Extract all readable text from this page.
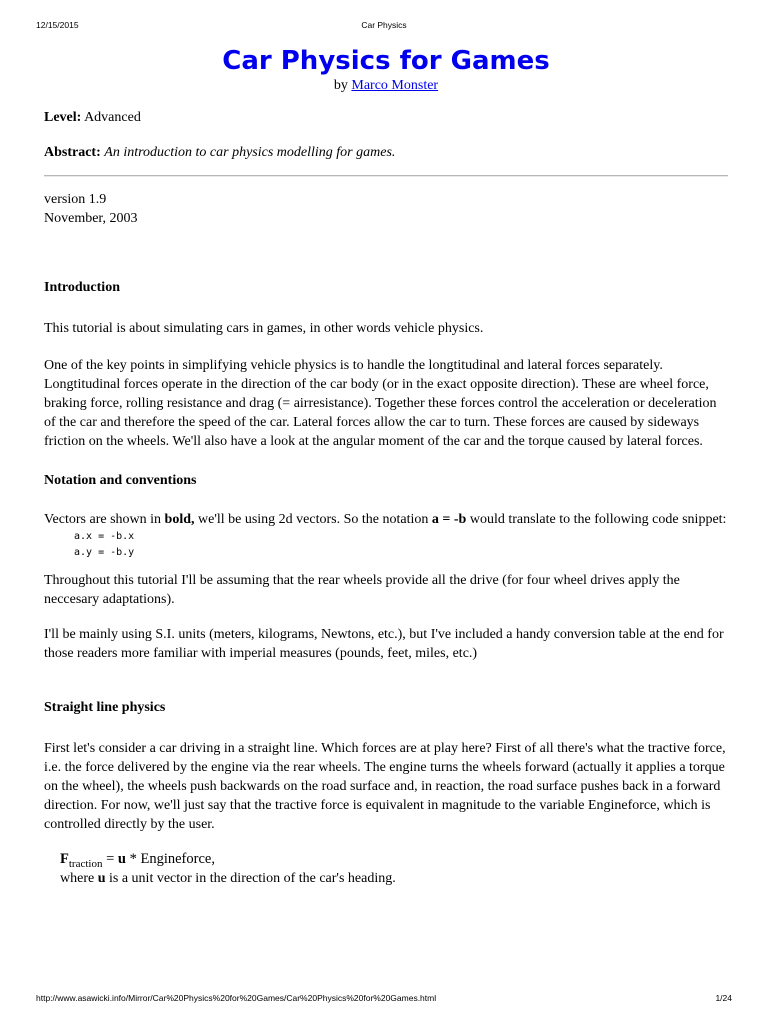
12/15/2015	Car Physics
Car Physics for Games
by Marco Monster

Level: Advanced

Abstract: An introduction to car physics modelling for games.

version 1.9
November, 2003
Introduction

This tutorial is about simulating cars in games, in other words vehicle physics.

One of the key points in simplifying vehicle physics is to handle the longtitudinal and lateral forces separately. Longtitudinal forces operate in the direction of the car body (or in the exact opposite direction). These are wheel force, braking force, rolling resistance and drag (= airresistance). Together these forces control the acceleration or deceleration of the car and therefore the speed of the car. Lateral forces allow the car to turn. These forces are caused by sideways friction on the wheels. We'll also have a look at the angular moment of the car and the torque caused by lateral forces.

Notation and conventions

Vectors are shown in bold, we'll be using 2d vectors. So the notation a = -b would translate to the following code snippet:

a.x = -b.x
a.y = -b.y

Throughout this tutorial I'll be assuming that the rear wheels provide all the drive (for four wheel drives apply the neccesary adaptations).

I'll be mainly using S.I. units (meters, kilograms, Newtons, etc.), but I've included a handy conversion table at the end for those readers more familiar with imperial measures (pounds, feet, miles, etc.)

Straight line physics

First let's consider a car driving in a straight line. Which forces are at play here? First of all there's what the tractive force, i.e. the force delivered by the engine via the rear wheels. The engine turns the wheels forward (actually it applies a torque on the wheel), the wheels push backwards on the road surface and, in reaction, the road surface pushes back in a forward direction. For now, we'll just say that the tractive force is equivalent in magnitude to the variable Engineforce, which is controlled directly by the user.

$F_{traction} = u$ * Engineforce,
where u is a unit vector in the direction of the car's heading.
http://www.asawicki.info/Mirror/Car%20Physics%20for%20Games/Car%20Physics%20for%20Games.html	1/24
